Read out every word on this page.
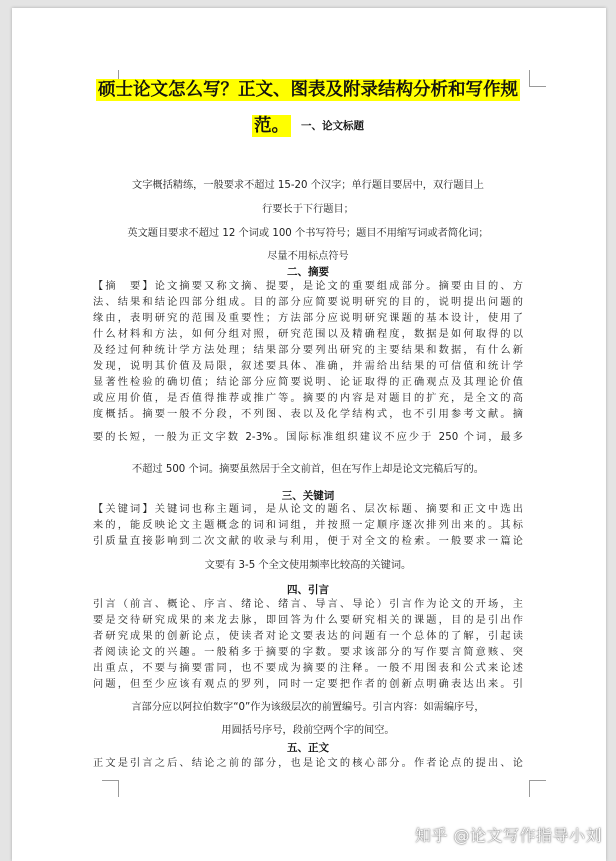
硕士论文怎么写？正文、图表及附录结构分析和写作规
范。 一、论文标题
文字概括精练，一般要求不超过 15-20 个汉字；单行题目要居中，双行题目上
行要长于下行题目；
英文题目要求不超过 12 个词或 100 个书写符号；题目不用缩写词或者简化词；
尽量不用标点符号
二、摘要
【摘　要】论文摘要又称文摘、提要，是论文的重要组成部分。摘要由目的、方
法、结果和结论四部分组成。目的部分应简要说明研究的目的，说明提出问题的
缘由，表明研究的范围及重要性；方法部分应说明研究课题的基本设计，使用了
什么材料和方法，如何分组对照，研究范围以及精确程度，数据是如何取得的以
及经过何种统计学方法处理；结果部分要列出研究的主要结果和数据，有什么新
发现，说明其价值及局限，叙述要具体、准确，并需给出结果的可信值和统计学
显著性检验的确切值；结论部分应简要说明、论证取得的正确观点及其理论价值
或应用价值，是否值得推荐或推广等。摘要的内容是对题目的扩充，是全文的高
度概括。摘要一般不分段，不列图、表以及化学结构式，也不引用参考文献。摘
要的长短，一般为正文字数 2-3%。国际标准组织建议不应少于 250 个词，最多
不超过 500 个词。摘要虽然居于全文前首，但在写作上却是论文完稿后写的。
三、关键词
【关键词】关键词也称主题词，是从论文的题名、层次标题、摘要和正文中选出
来的，能反映论文主题概念的词和词组，并按照一定顺序逐次排列出来的。其标
引质量直接影响到二次文献的收录与利用，便于对全文的检索。一般要求一篇论
文要有 3-5 个全文使用频率比较高的关键词。
四、引言
引言（前言、概论、序言、绪论、绪言、导言、导论）引言作为论文的开场，主
要是交待研究成果的来龙去脉，即回答为什么要研究相关的课题，目的是引出作
者研究成果的创新论点，使读者对论文要表达的问题有一个总体的了解，引起读
者阅读论文的兴趣。一般稍多于摘要的字数。要求该部分的写作要言简意赅、突
出重点，不要与摘要雷同，也不要成为摘要的注释。一般不用图表和公式来论述
问题，但至少应该有观点的罗列，同时一定要把作者的创新点明确表达出来。引
言部分应以阿拉伯数字“0”作为该级层次的前置编号。引言内容：如需编序号，
用圆括号序号，段前空两个字的间空。
五、正文
正文是引言之后、结论之前的部分，也是论文的核心部分。作者论点的提出、论
知乎 @论文写作指导小刘
